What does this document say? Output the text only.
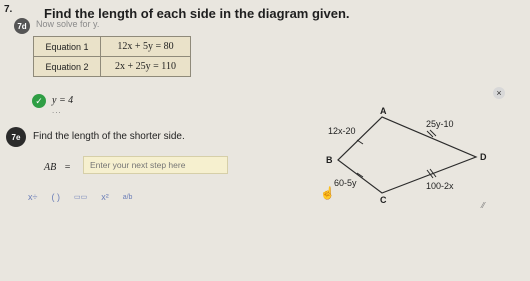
7. Find the length of each side in the diagram given.
7d	Now solve for y.
Equation 1	12x + 5y = 80
Equation 2	2x + 25y = 110
✓ y = 4
...
7e	Find the length of the shorter side.
AB =
Enter your next step here
x÷ ( ) ▭▭ x² a/b
×
A
B
C
D
12x-20
25y-10
60-5y	100-2x
☝
⁄⁄
